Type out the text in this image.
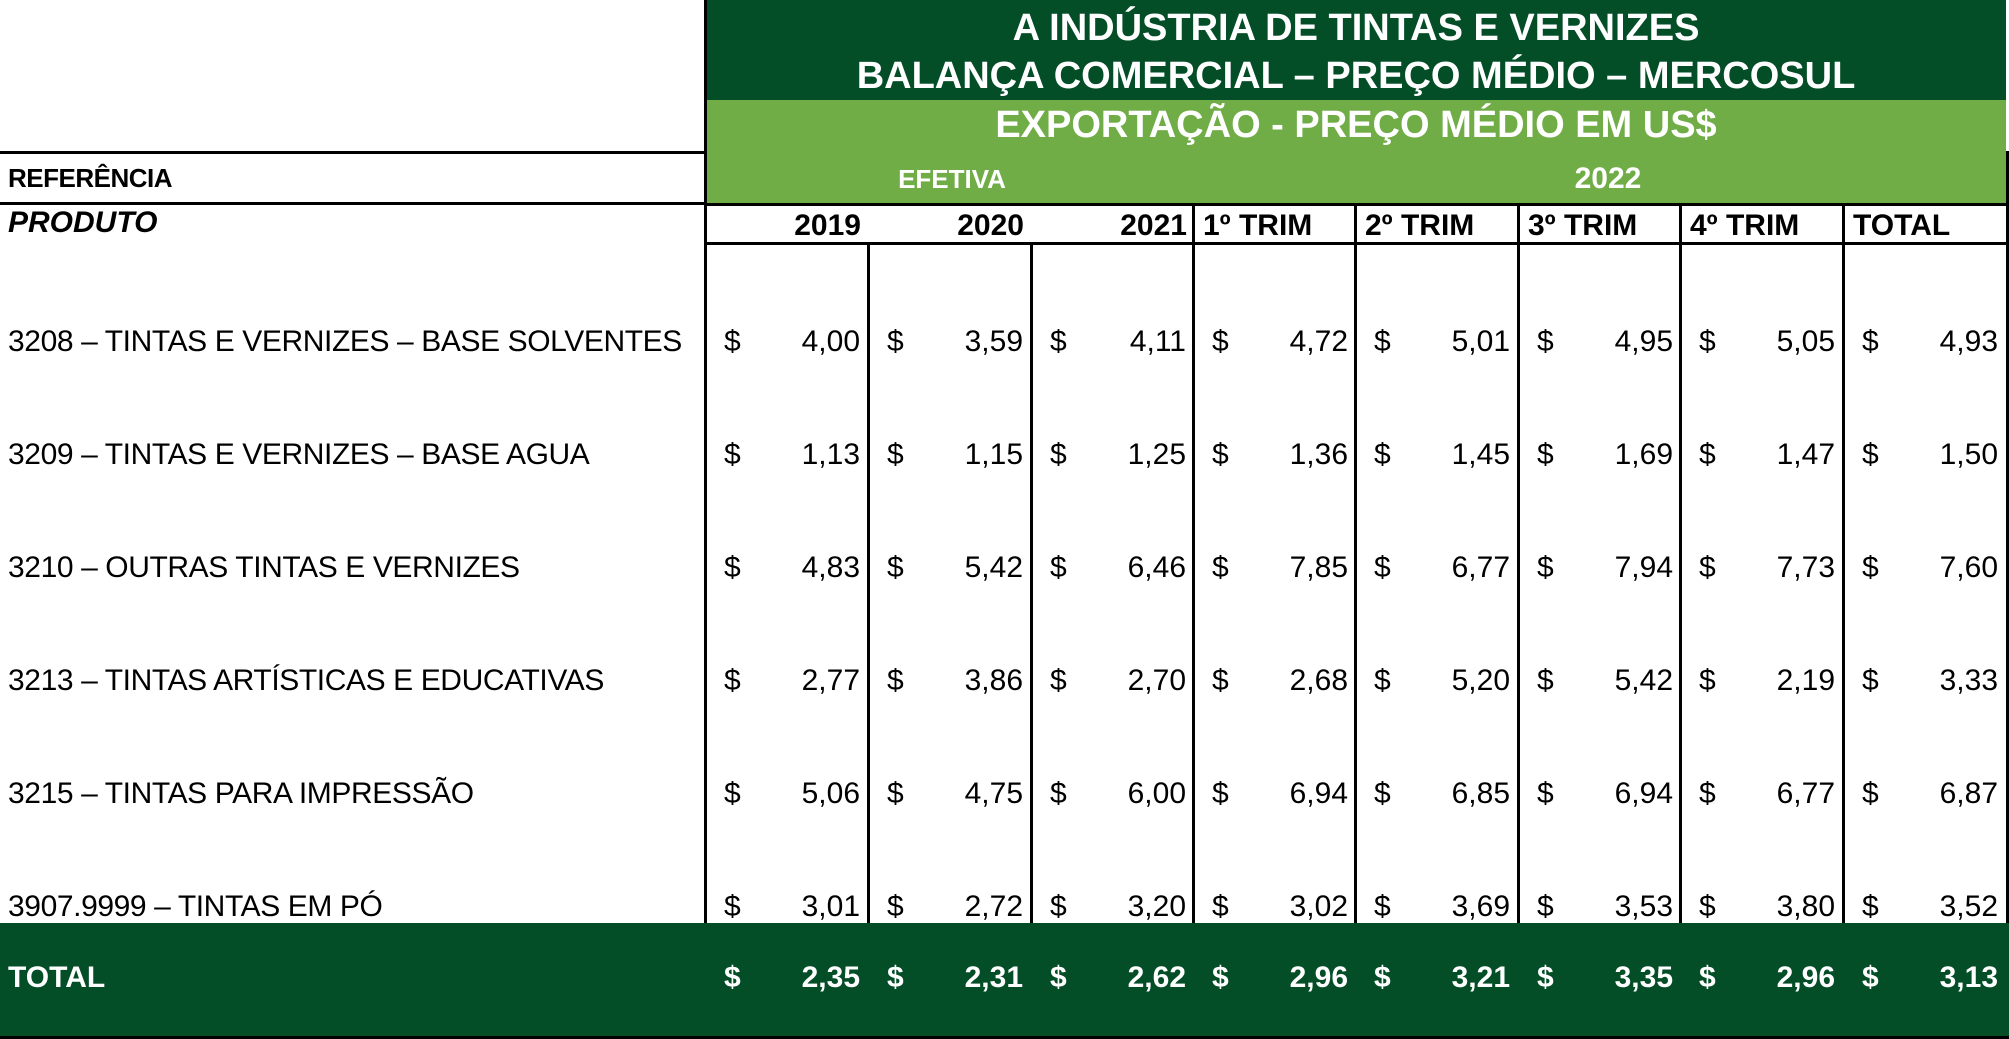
A INDÚSTRIA DE TINTAS E VERNIZES
BALANÇA COMERCIAL – PREÇO MÉDIO – MERCOSUL
EXPORTAÇÃO - PREÇO MÉDIO EM US$
REFERÊNCIA	EFETIVA	2022
PRODUTO	2019	2020	2021 1º TRIM 2º TRIM 3º TRIM 4º TRIM TOTAL
3208 – TINTAS E VERNIZES – BASE SOLVENTES $	4,00 $	3,59 $	4,11 $	4,72 $	5,01 $	4,95 $	5,05 $	4,93
3209 – TINTAS E VERNIZES – BASE AGUA	$	1,13 $	1,15 $	1,25 $	1,36 $	1,45 $	1,69 $	1,47 $	1,50
3210 – OUTRAS TINTAS E VERNIZES	$	4,83 $	5,42 $	6,46 $	7,85 $	6,77 $	7,94 $	7,73 $	7,60
3213 – TINTAS ARTÍSTICAS E EDUCATIVAS	$	2,77 $	3,86 $	2,70 $	2,68 $	5,20 $	5,42 $	2,19 $	3,33
3215 – TINTAS PARA IMPRESSÃO	$	5,06 $	4,75 $	6,00 $	6,94 $	6,85 $	6,94 $	6,77 $	6,87
3907.9999 – TINTAS EM PÓ	$	3,01 $	2,72 $	3,20 $	3,02 $	3,69 $	3,53 $	3,80 $	3,52
TOTAL	$	2,35 $	2,31 $	2,62 $	2,96 $	3,21 $	3,35 $	2,96 $	3,13
